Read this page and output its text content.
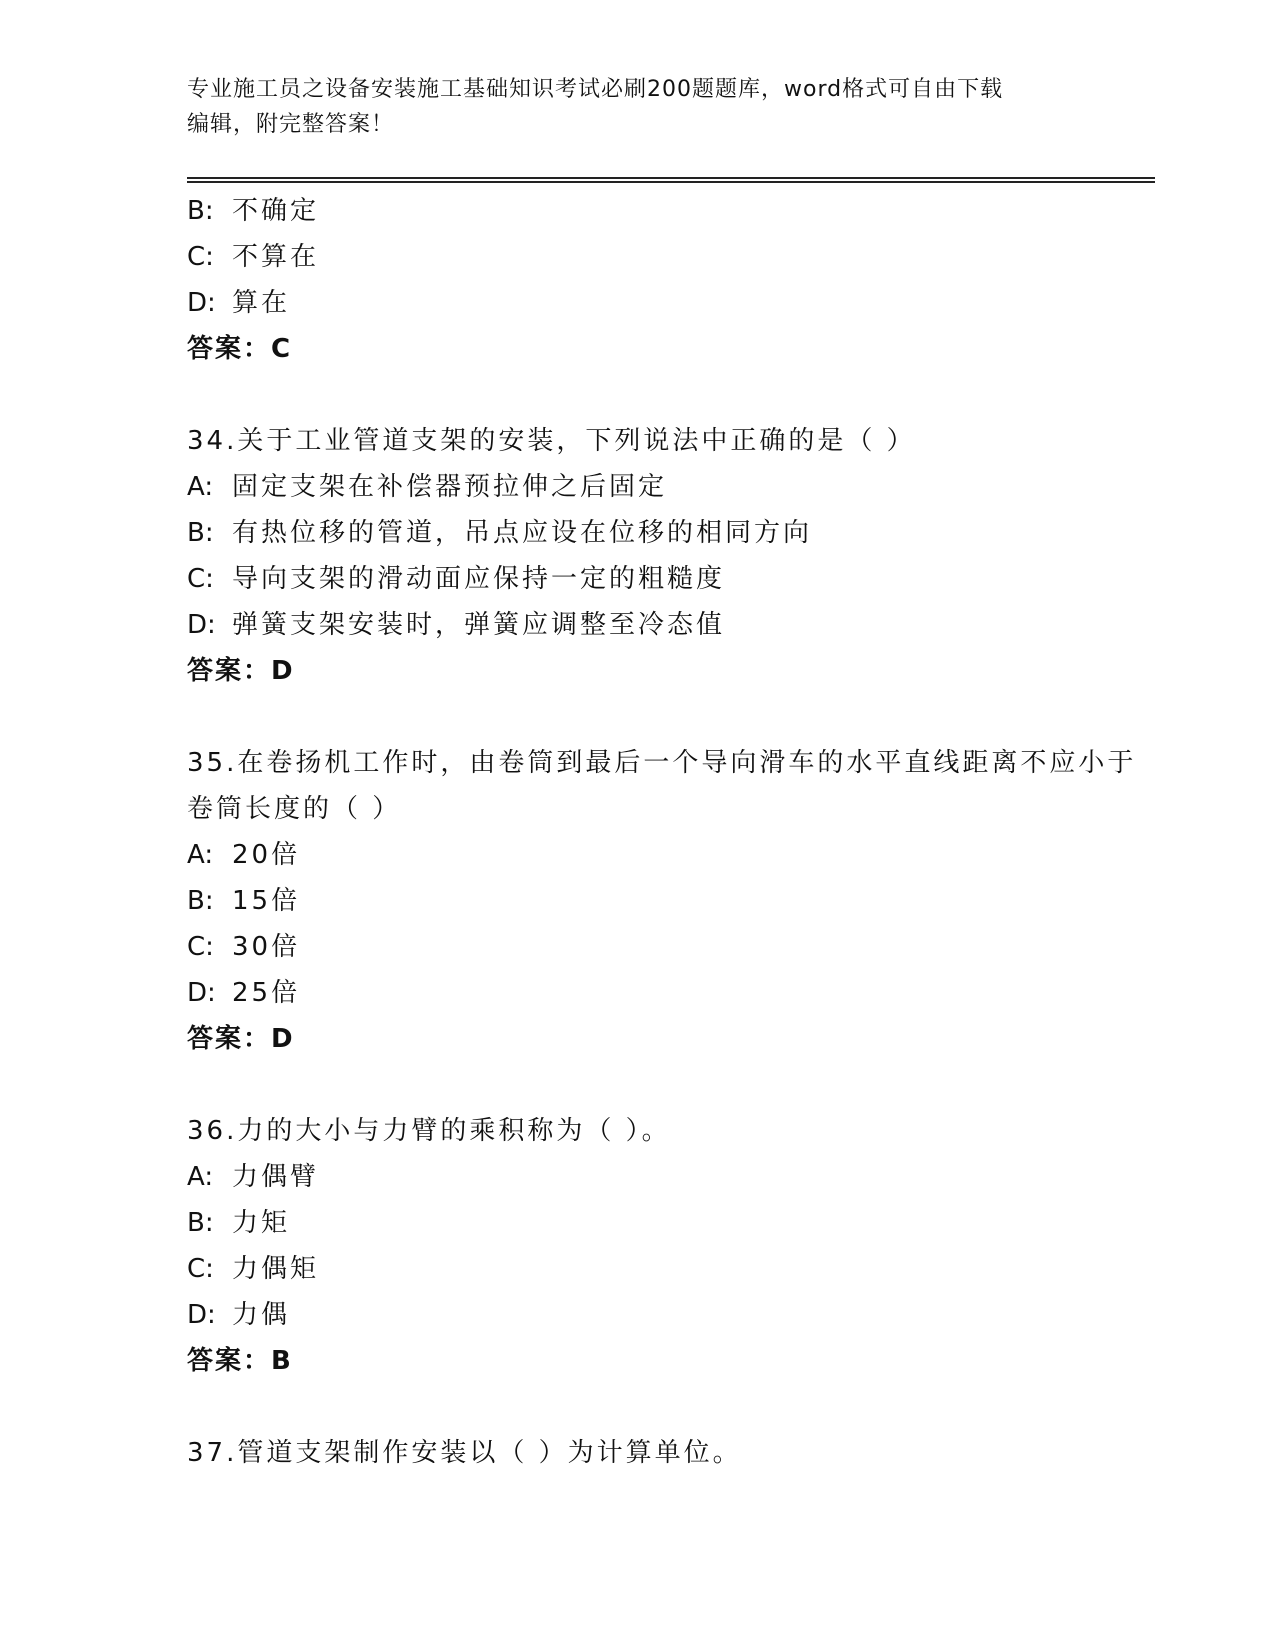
专业施工员之设备安装施工基础知识考试必刷200题题库，word格式可自由下载
编辑，附完整答案！
B: 不确定
C: 不算在
D: 算在
答案：C
34.关于工业管道支架的安装，下列说法中正确的是（ ）
A: 固定支架在补偿器预拉伸之后固定
B: 有热位移的管道，吊点应设在位移的相同方向
C: 导向支架的滑动面应保持一定的粗糙度
D: 弹簧支架安装时，弹簧应调整至冷态值
答案：D
35.在卷扬机工作时，由卷筒到最后一个导向滑车的水平直线距离不应小于卷筒长度的（ ）
A: 20倍
B: 15倍
C: 30倍
D: 25倍
答案：D
36.力的大小与力臂的乘积称为（ ）。
A: 力偶臂
B: 力矩
C: 力偶矩
D: 力偶
答案：B
37.管道支架制作安装以（ ）为计算单位。
